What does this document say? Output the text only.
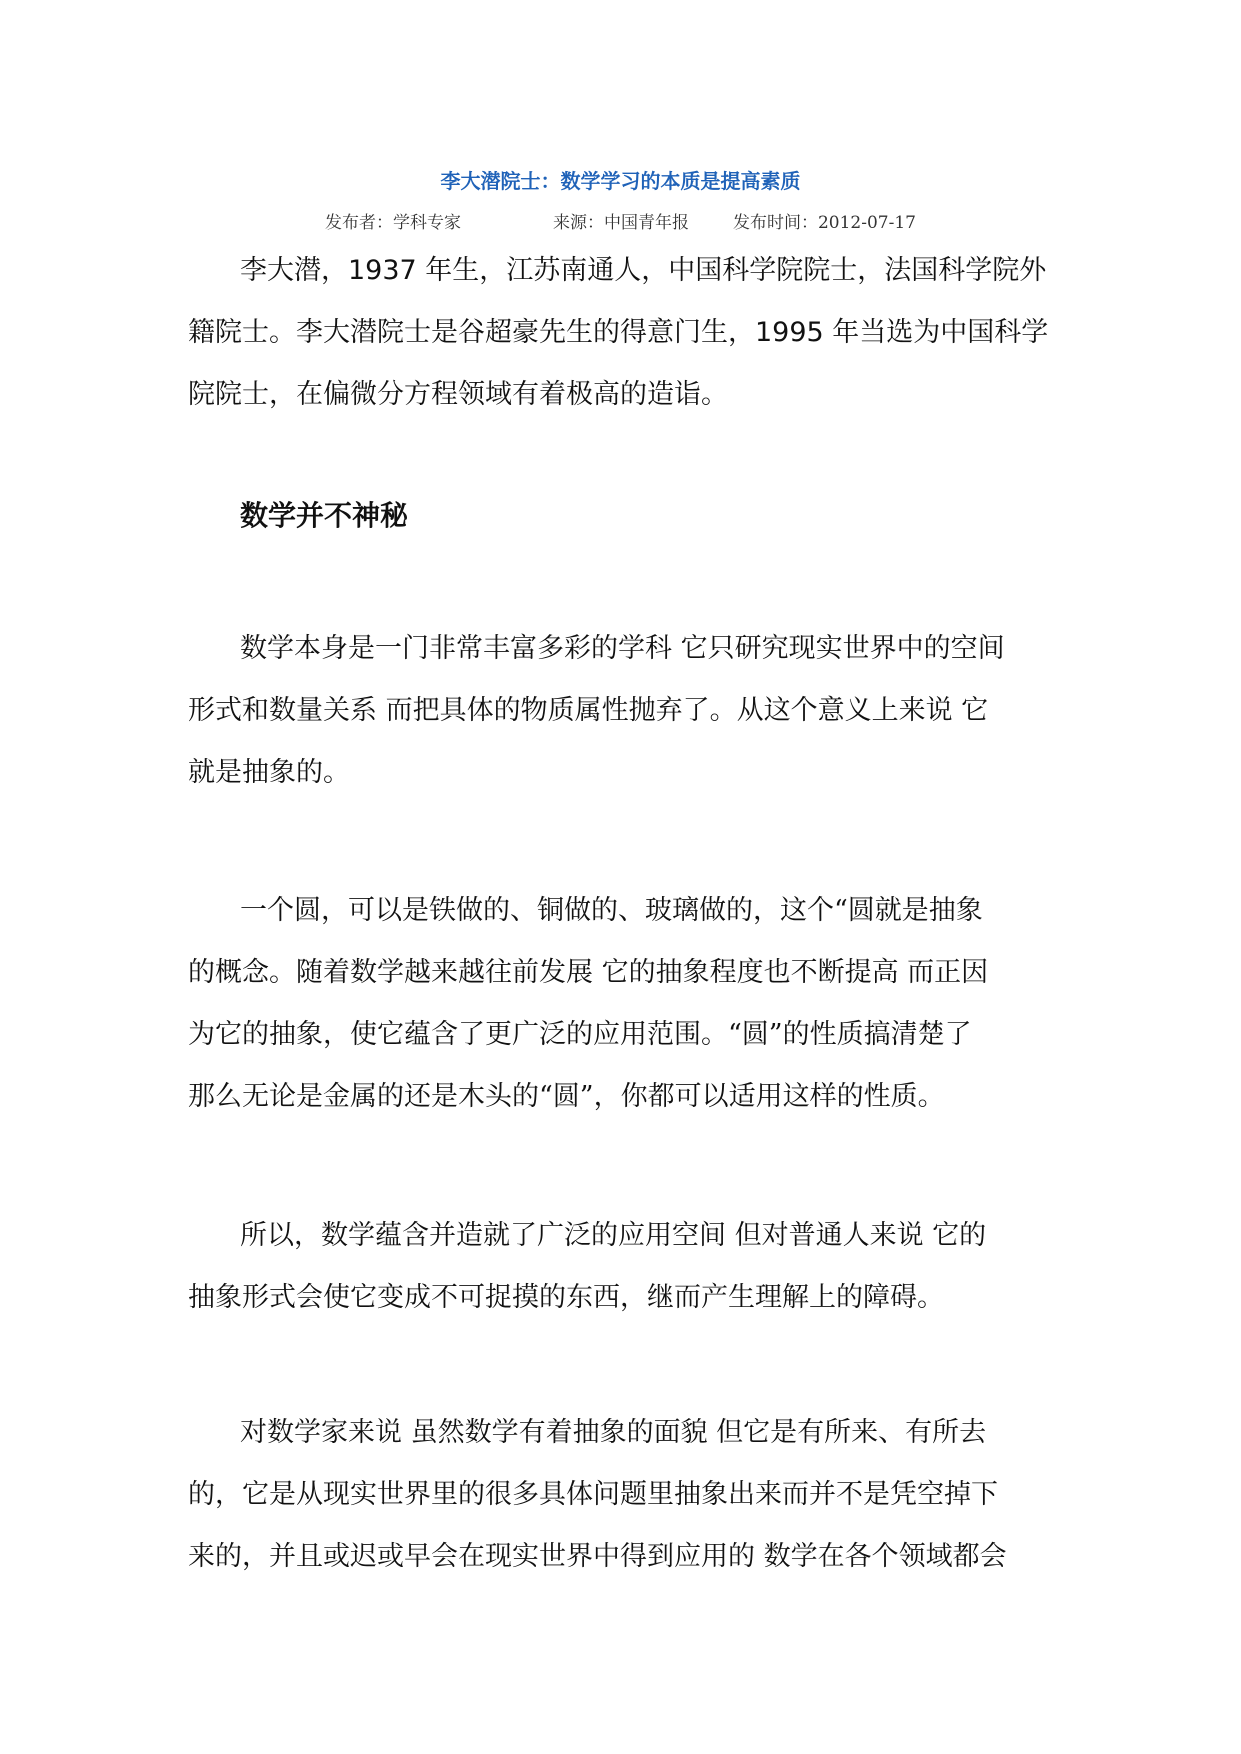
李大潜院士：数学学习的本质是提高素质
发布者：学科专家	来源：中国青年报	发布时间：2012-07-17
李大潜，1937 年生，江苏南通人，中国科学院院士，法国科学院外
籍院士。李大潜院士是谷超豪先生的得意门生，1995 年当选为中国科学
院院士，在偏微分方程领域有着极高的造诣。
数学并不神秘
数学本身是一门非常丰富多彩的学科 它只研究现实世界中的空间
形式和数量关系 而把具体的物质属性抛弃了。从这个意义上来说 它
就是抽象的。
一个圆，可以是铁做的、铜做的、玻璃做的，这个“圆就是抽象
的概念。随着数学越来越往前发展 它的抽象程度也不断提高 而正因
为它的抽象，使它蕴含了更广泛的应用范围。“圆”的性质搞清楚了
那么无论是金属的还是木头的“圆”，你都可以适用这样的性质。
所以，数学蕴含并造就了广泛的应用空间 但对普通人来说 它的
抽象形式会使它变成不可捉摸的东西，继而产生理解上的障碍。
对数学家来说 虽然数学有着抽象的面貌 但它是有所来、有所去
的，它是从现实世界里的很多具体问题里抽象出来而并不是凭空掉下
来的，并且或迟或早会在现实世界中得到应用的 数学在各个领域都会
